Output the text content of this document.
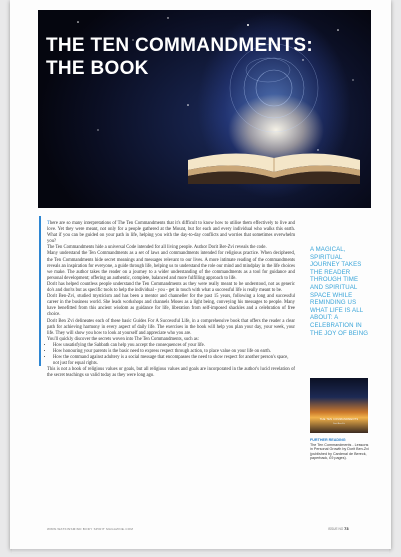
THE TEN COMMANDMENTS:
THE BOOK

There are so many interpretations of The Ten Commandments that it's difficult to know how to utilise them effectively to live and love. Yet they were meant, not only for a people gathered at the Mount, but for each and every individual who walks this earth. What if you can be guided on your path in life, helping you with the day-to-day conflicts and worries that sometimes overwhelm you?

The Ten Commandments hide a universal Code intended for all living people. Author Dorit Ber-Zvi reveals the code.

Many understand the Ten Commandments as a set of laws and commandments intended for religious practice. When deciphered, the Ten Commandments hide secret meanings and messages relevant to our lives. A more intimate reading of the commandments reveals an inspiration for everyone, a guide through life, helping us to understand the role our mind and mindplay in the life choices we make. The author takes the reader on a journey to a wider understanding of the commandments as a tool for guidance and personal development; offering an authentic, complete, balanced and more fulfilling approach to life.

Dorit has helped countless people understand the Ten Commandments as they were really meant to be understood, not as generic do's and don'ts but as specific tools to help the individual - you - get in touch with what a successful life is really meant to be.

Dorit Ben-Zvi, studied mysticism and has been a mentor and channeller for the past 15 years, following a long and successful career in the business world. She leads workshops and channels Moses as a light being, conveying his messages to people. Many have benefitted from this ancient wisdom as guidance for life, liberation from self-imposed shackles and a celebration of free choice.

Dorit Ben Zvi delineates each of these basic Guides For A Successful Life, in a comprehensive book that offers the reader a clear path for achieving harmony in every aspect of daily life. The exercises in the book will help you plan your day, your week, your life. They will show you how to look at yourself and appreciate who you are.

You'll quickly discover the secrets woven into The Ten Commandments, such as:

• How unsatisfying the Sabbath can help you accept the consequences of your life.
• How honouring your parents is the basic need to express respect through action, to place value on your life on earth.
• How the command against adultery is a social message that encompasses the need to show respect for another person's space, not just for equal rights.

This is not a book of religious values or goals, but all religious values and goals are incorporated in the author's lucid revelation of the secret teachings so valid today as they were long ago.

A MAGICAL, SPIRITUAL JOURNEY TAKES THE READER THROUGH TIME AND SPIRITUAL SPACE WHILE REMINDING US WHAT LIFE IS ALL ABOUT: A CELEBRATION IN THE JOY OF BEING
THE TEN COMMANDMENTS
Dorit Ben-Zvi
FURTHER READING
The Ten Commandments - Lessons in Personal Growth by Dorit Ben-Zvi (published by Cardenal de Bereck, paperback, £9 pages).
WWW.WATKINSMIND BODY SPIRIT MAGAZINE.COM	ISSUE NO 73
